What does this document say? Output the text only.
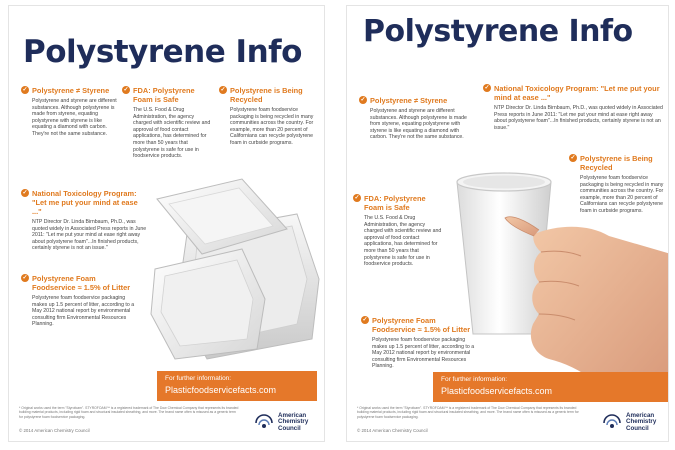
Polystyrene Info
✓ Polystyrene ≠ Styrene
Polystyrene and styrene are different substances. Although polystyrene is made from styrene, equating polystyrene with styrene is like equating a diamond with carbon. They're not the same substance.
✓ FDA: Polystyrene Foam is Safe
The U.S. Food & Drug Administration, the agency charged with scientific review and approval of food contact applications, has determined for more than 50 years that polystyrene is safe for use in foodservice products.
✓ Polystyrene is Being Recycled
Polystyrene foam foodservice packaging is being recycled in many communities across the country. For example, more than 20 percent of Californians can recycle polystyrene foam in curbside programs.
✓ National Toxicology Program: "Let me put your mind at ease ..."
NTP Director Dr. Linda Birnbaum, Ph.D., was quoted widely in Associated Press reports in June 2011: "Let me put your mind at ease right away about polystyrene foam"...In finished products, certainly styrene is not an issue."
✓ Polystyrene Foam Foodservice ≈ 1.5% of Litter
Polystyrene foam foodservice packaging makes up 1.5 percent of litter, according to a May 2012 national report by environmental consulting firm Environmental Resources Planning.
For further information:
Plasticfoodservicefacts.com
* Original works used the term "Styrofoam". STYROFOAM™ is a registered trademark of The Dow Chemical Company that represents its branded building material products, including rigid foam and structural insulated sheathing, and more. The brand name often is misused as a generic term for polystyrene foam foodservice packaging.
© 2014 American Chemistry Council
American Chemistry Council
Polystyrene Info
✓ Polystyrene ≠ Styrene
Polystyrene and styrene are different substances. Although polystyrene is made from styrene, equating polystyrene with styrene is like equating a diamond with carbon. They're not the same substance.
✓ National Toxicology Program: "Let me put your mind at ease ..."
NTP Director Dr. Linda Birnbaum, Ph.D., was quoted widely in Associated Press reports in June 2011: "Let me put your mind at ease right away about polystyrene foam"...In finished products, certainly styrene is not an issue."
✓ Polystyrene is Being Recycled
Polystyrene foam foodservice packaging is being recycled in many communities across the country. For example, more than 20 percent of Californians can recycle polystyrene foam in curbside programs.
✓ FDA: Polystyrene Foam is Safe
The U.S. Food & Drug Administration, the agency charged with scientific review and approval of food contact applications, has determined for more than 50 years that polystyrene is safe for use in foodservice products.
✓ Polystyrene Foam Foodservice ≈ 1.5% of Litter
Polystyrene foam foodservice packaging makes up 1.5 percent of litter, according to a May 2012 national report by environmental consulting firm Environmental Resources Planning.
For further information:
Plasticfoodservicefacts.com
* Original works used the term "Styrofoam". STYROFOAM™ is a registered trademark of The Dow Chemical Company that represents its branded building material products, including rigid foam and structural insulated sheathing, and more. The brand name often is misused as a generic term for polystyrene foam foodservice packaging.
© 2014 American Chemistry Council
American Chemistry Council
